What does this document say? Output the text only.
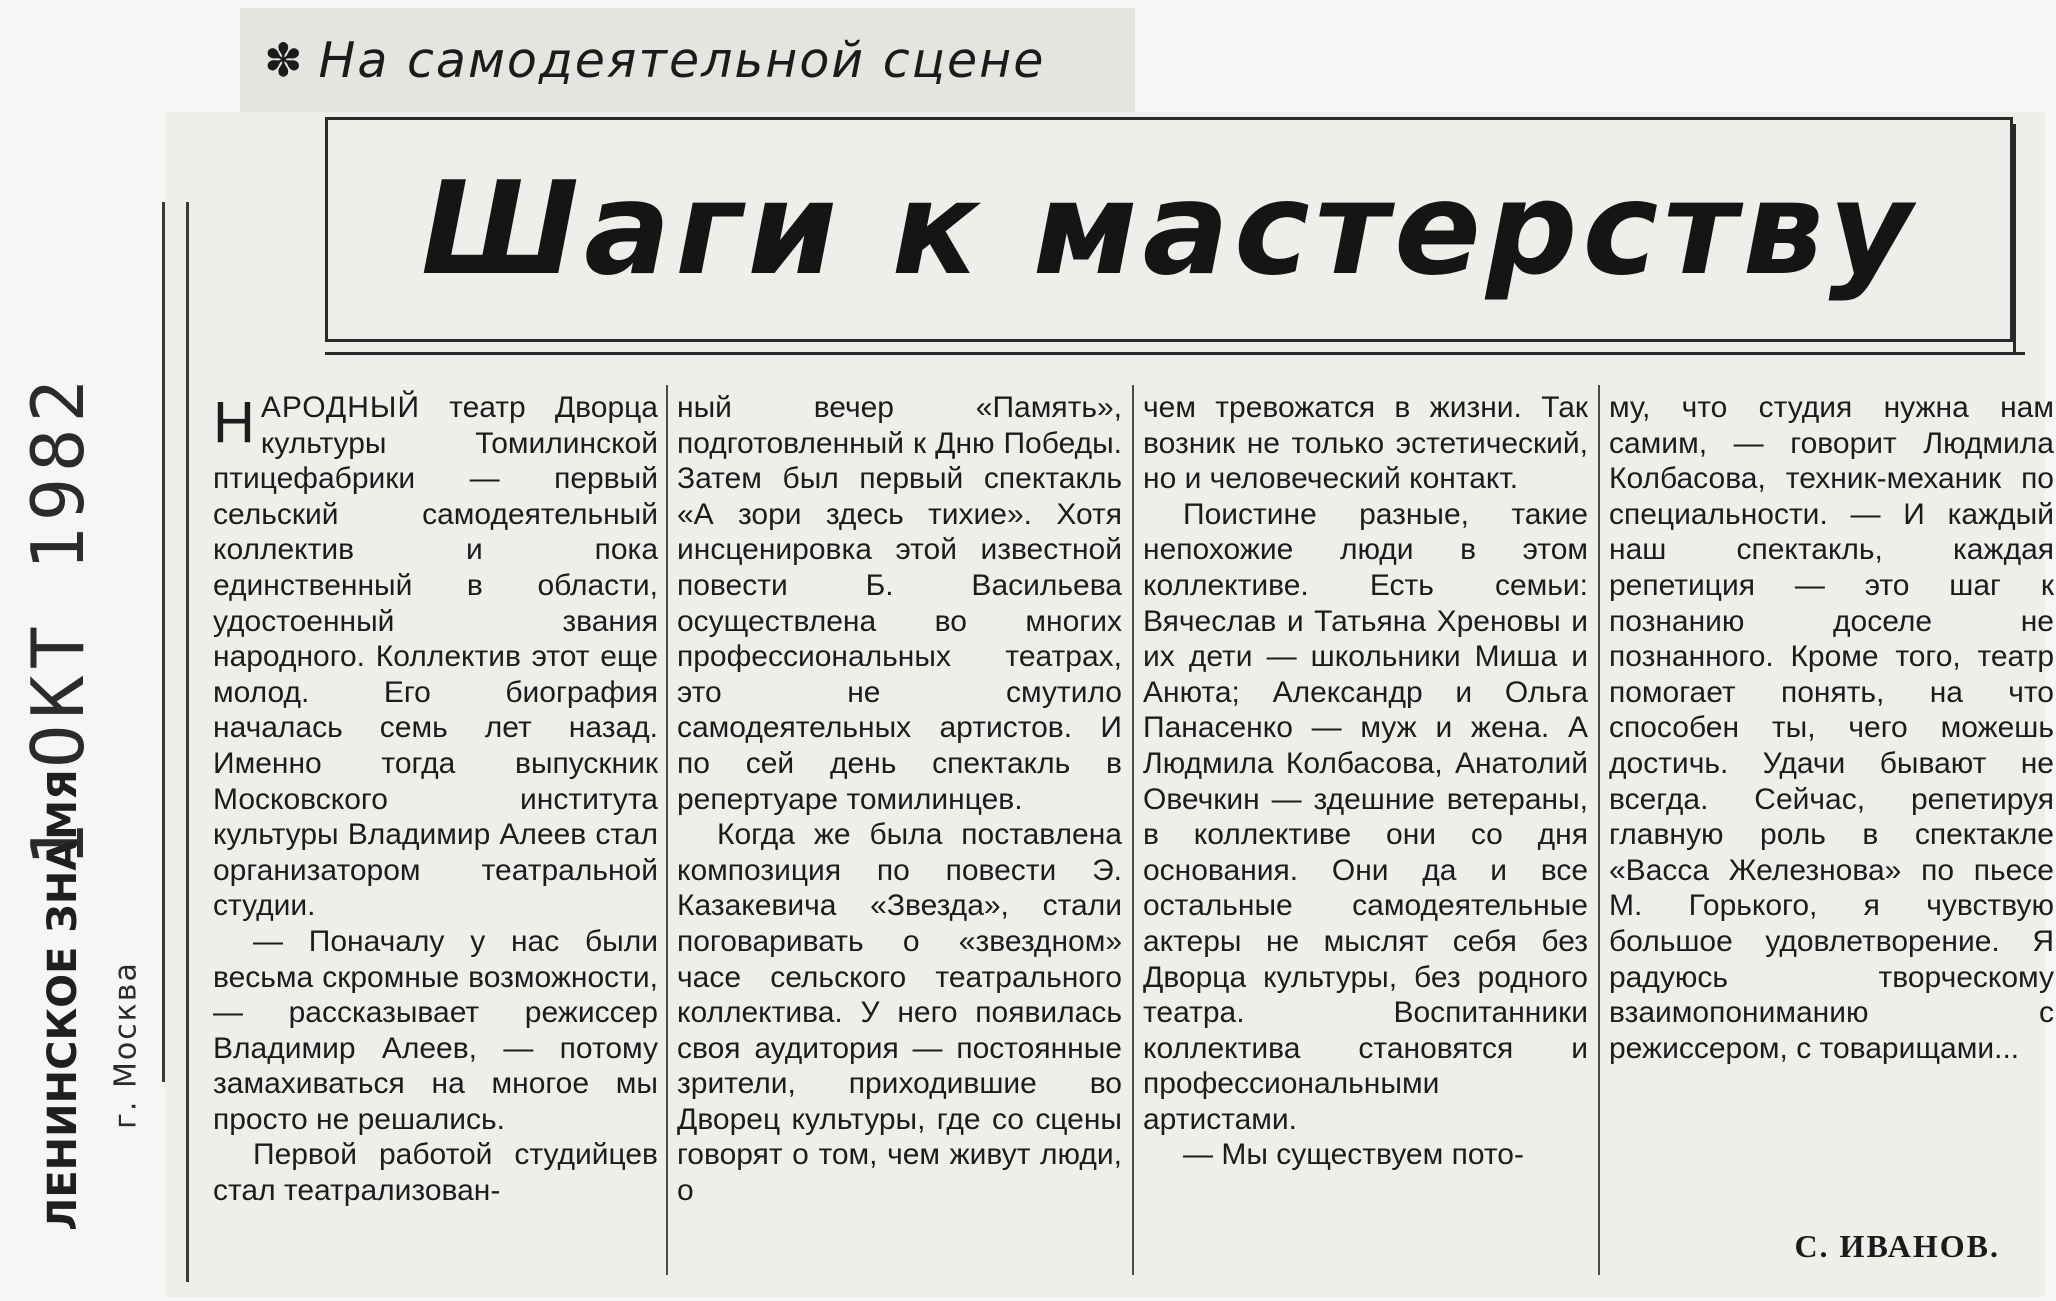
✽ На самодеятельной сцене
1 ОКТ 1982
ЛЕНИНСКОЕ ЗНАМЯ г. Москва
Шаги к мастерству

НАРОДНЫЙ театр Дворца культуры Томилинской птицефабрики — первый сельский самодеятельный коллектив и пока единственный в области, удостоенный звания народного. Коллектив этот еще молод. Его биография началась семь лет назад. Именно тогда выпускник Московского института культуры Владимир Алеев стал организатором театральной студии.

— Поначалу у нас были весьма скромные возможности, — рассказывает режиссер Владимир Алеев, — потому замахиваться на многое мы просто не решались.

Первой работой студийцев стал театрализован-

ный вечер «Память», подготовленный к Дню Победы. Затем был первый спектакль «А зори здесь тихие». Хотя инсценировка этой известной повести Б. Васильева осуществлена во многих профессиональных театрах, это не смутило самодеятельных артистов. И по сей день спектакль в репертуаре томилинцев.

Когда же была поставлена композиция по повести Э. Казакевича «Звезда», стали поговаривать о «звездном» часе сельского театрального коллектива. У него появилась своя аудитория — постоянные зрители, приходившие во Дворец культуры, где со сцены говорят о том, чем живут люди, о

чем тревожатся в жизни. Так возник не только эстетический, но и человеческий контакт.

Поистине разные, такие непохожие люди в этом коллективе. Есть семьи: Вячеслав и Татьяна Хреновы и их дети — школьники Миша и Анюта; Александр и Ольга Панасенко — муж и жена. А Людмила Колбасова, Анатолий Овечкин — здешние ветераны, в коллективе они со дня основания. Они да и все остальные самодеятельные актеры не мыслят себя без Дворца культуры, без родного театра. Воспитанники коллектива становятся и профессиональными артистами.

— Мы существуем пото-

му, что студия нужна нам самим, — говорит Людмила Колбасова, техник-механик по специальности. — И каждый наш спектакль, каждая репетиция — это шаг к познанию доселе не познанного. Кроме того, театр помогает понять, на что способен ты, чего можешь достичь. Удачи бывают не всегда. Сейчас, репетируя главную роль в спектакле «Васса Железнова» по пьесе М. Горького, я чувствую большое удовлетворение. Я радуюсь творческому взаимопониманию с режиссером, с товарищами...

С. ИВАНОВ.
